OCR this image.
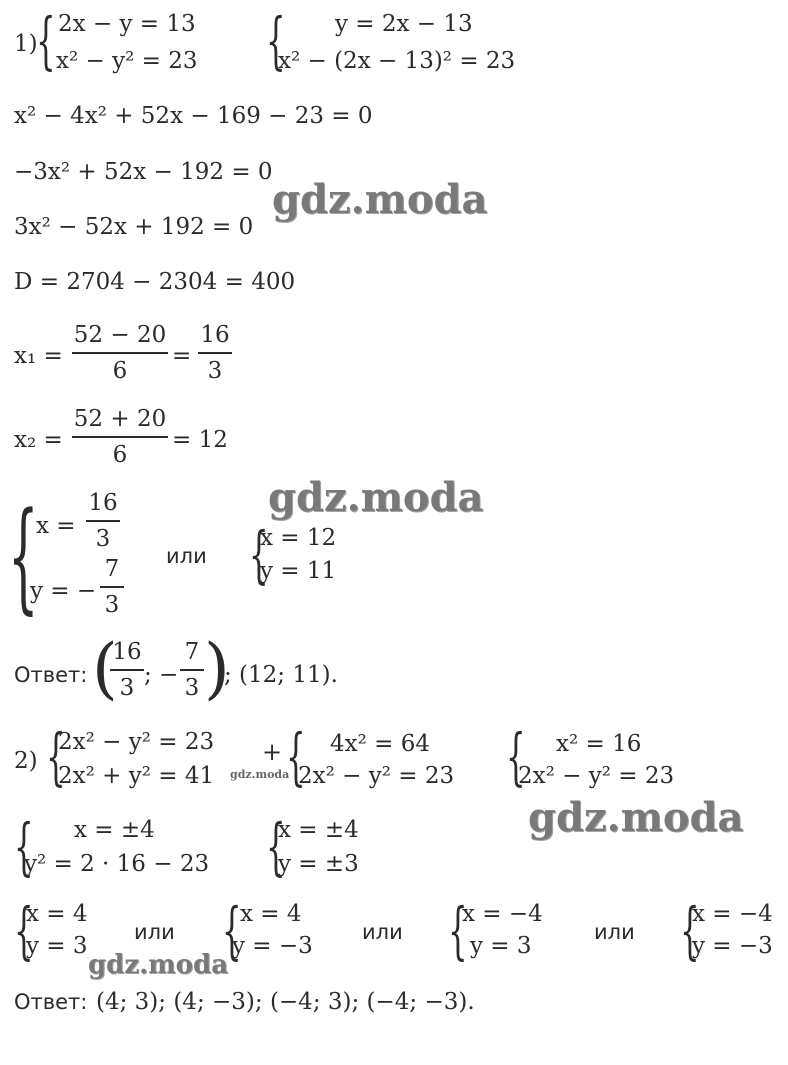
1)
{ 2x − y = 13
x² − y² = 23 { y = 2x − 13
x² − (2x − 13)² = 23
x² − 4x² + 52x − 169 − 23 = 0
−3x² + 52x − 192 = 0
3x² − 52x + 192 = 0
D = 2704 − 2304 = 400
x₁ =
52 − 20
6
=
16
3
x₂ =
52 + 20
6
= 12
{
x =
16
3
y = −
7
3
или {
x = 12
y = 11
Ответ: (
16
3 ; −
7
3 )
; (12; 11).
2) {
2x² − y² = 23
2x² + y² = 41
+ { 4x² = 64
2x² − y² = 23 { x² = 16
2x² − y² = 23
{ x = ±4
y² = 2 · 16 − 23 {
x = ±4
y = ±3
{
x = 4
y = 3
или {
x = 4
y = −3
или {
x = −4
y = 3
или {
x = −4
y = −3
Ответ: (4; 3); (4; −3); (−4; 3); (−4; −3).
gdz.moda
gdz.moda
gdz.moda
gdz.moda
gdz.moda
